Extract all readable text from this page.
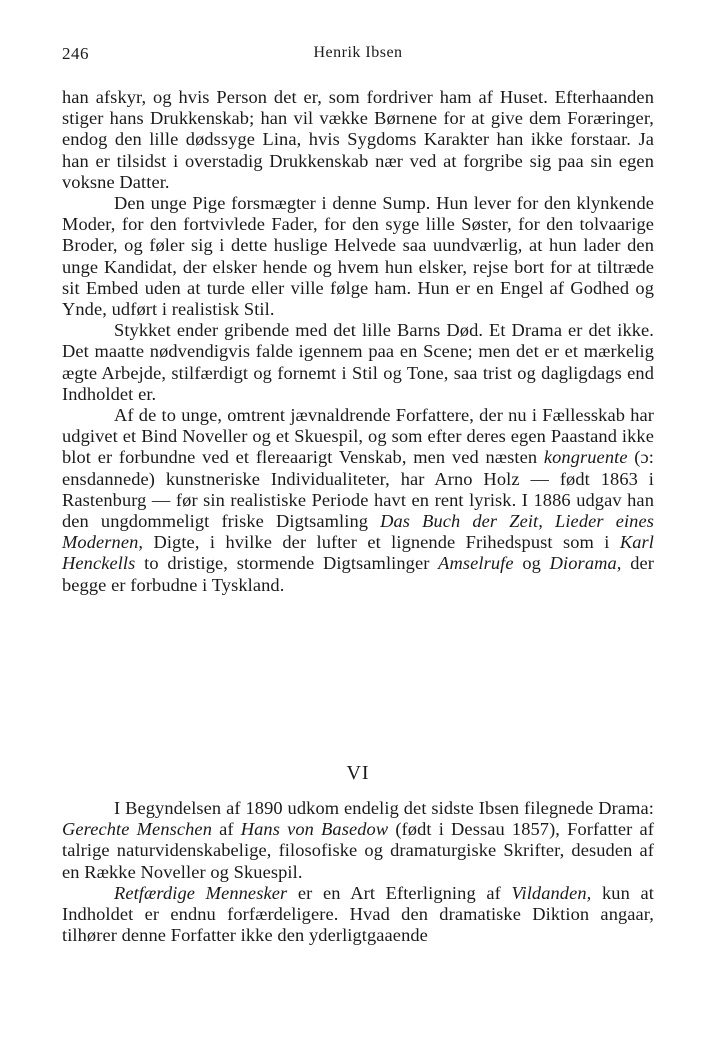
246	Henrik Ibsen

han afskyr, og hvis Person det er, som fordriver ham af Huset. Efterhaanden stiger hans Drukkenskab; han vil vække Børnene for at give dem Foræringer, endog den lille dødssyge Lina, hvis Sygdoms Karakter han ikke forstaar. Ja han er tilsidst i overstadig Drukkenskab nær ved at forgribe sig paa sin egen voksne Datter.

Den unge Pige forsmægter i denne Sump. Hun lever for den klynkende Moder, for den fortvivlede Fader, for den syge lille Søster, for den tolvaarige Broder, og føler sig i dette huslige Helvede saa uundværlig, at hun lader den unge Kandidat, der elsker hende og hvem hun elsker, rejse bort for at tiltræde sit Embed uden at turde eller ville følge ham. Hun er en Engel af Godhed og Ynde, udført i realistisk Stil.

Stykket ender gribende med det lille Barns Død. Et Drama er det ikke. Det maatte nødvendigvis falde igennem paa en Scene; men det er et mærkelig ægte Arbejde, stilfærdigt og fornemt i Stil og Tone, saa trist og dagligdags end Indholdet er.

Af de to unge, omtrent jævnaldrende Forfattere, der nu i Fællesskab har udgivet et Bind Noveller og et Skuespil, og som efter deres egen Paastand ikke blot er forbundne ved et flereaarigt Venskab, men ved næsten kongruente (ɔ: ensdannede) kunstneriske Individualiteter, har Arno Holz — født 1863 i Rastenburg — før sin realistiske Periode havt en rent lyrisk. I 1886 udgav han den ungdommeligt friske Digtsamling Das Buch der Zeit, Lieder eines Modernen, Digte, i hvilke der lufter et lignende Frihedspust som i Karl Henckells to dristige, stormende Digtsamlinger Amselrufe og Diorama, der begge er forbudne i Tyskland.

VI

I Begyndelsen af 1890 udkom endelig det sidste Ibsen filegnede Drama: Gerechte Menschen af Hans von Basedow (født i Dessau 1857), Forfatter af talrige naturvidenskabelige, filosofiske og dramaturgiske Skrifter, desuden af en Række Noveller og Skuespil.

Retfærdige Mennesker er en Art Efterligning af Vildanden, kun at Indholdet er endnu forfærdeligere. Hvad den dramatiske Diktion angaar, tilhører denne Forfatter ikke den yderligtgaaende
